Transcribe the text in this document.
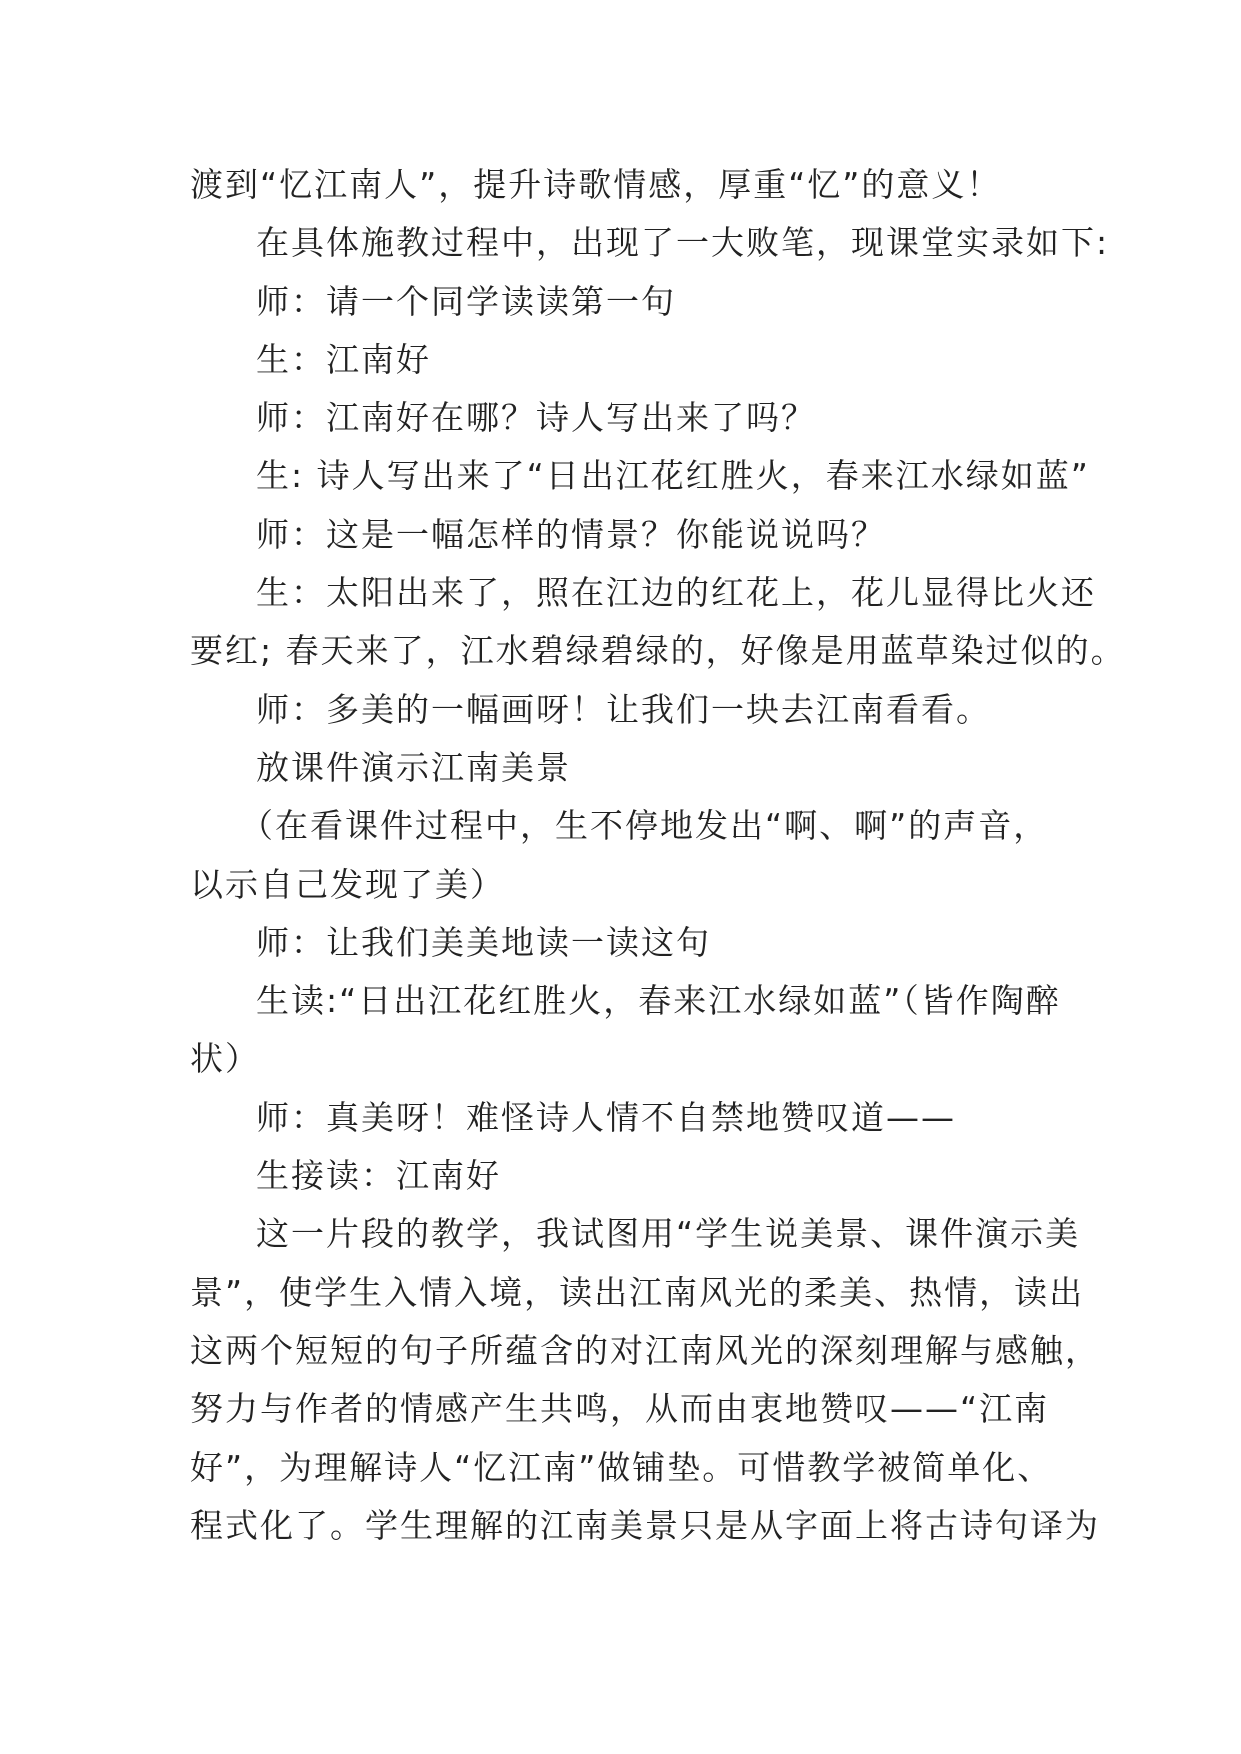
渡到“忆江南人”，提升诗歌情感，厚重“忆”的意义！
在具体施教过程中，出现了一大败笔，现课堂实录如下:
师：请一个同学读读第一句
生：江南好
师：江南好在哪？诗人写出来了吗？
生: 诗人写出来了“日出江花红胜火，春来江水绿如蓝”
师：这是一幅怎样的情景？你能说说吗？
生：太阳出来了，照在江边的红花上，花儿显得比火还
要红; 春天来了，江水碧绿碧绿的，好像是用蓝草染过似的。
师：多美的一幅画呀！让我们一块去江南看看。
放课件演示江南美景
（在看课件过程中，生不停地发出“啊、啊”的声音，
以示自己发现了美）
师：让我们美美地读一读这句
生读:“日出江花红胜火，春来江水绿如蓝”（皆作陶醉
状）
师：真美呀！难怪诗人情不自禁地赞叹道——
生接读：江南好
这一片段的教学，我试图用“学生说美景、课件演示美
景”，使学生入情入境，读出江南风光的柔美、热情，读出
这两个短短的句子所蕴含的对江南风光的深刻理解与感触，
努力与作者的情感产生共鸣，从而由衷地赞叹——“江南
好”，为理解诗人“忆江南”做铺垫。可惜教学被简单化、
程式化了。学生理解的江南美景只是从字面上将古诗句译为
